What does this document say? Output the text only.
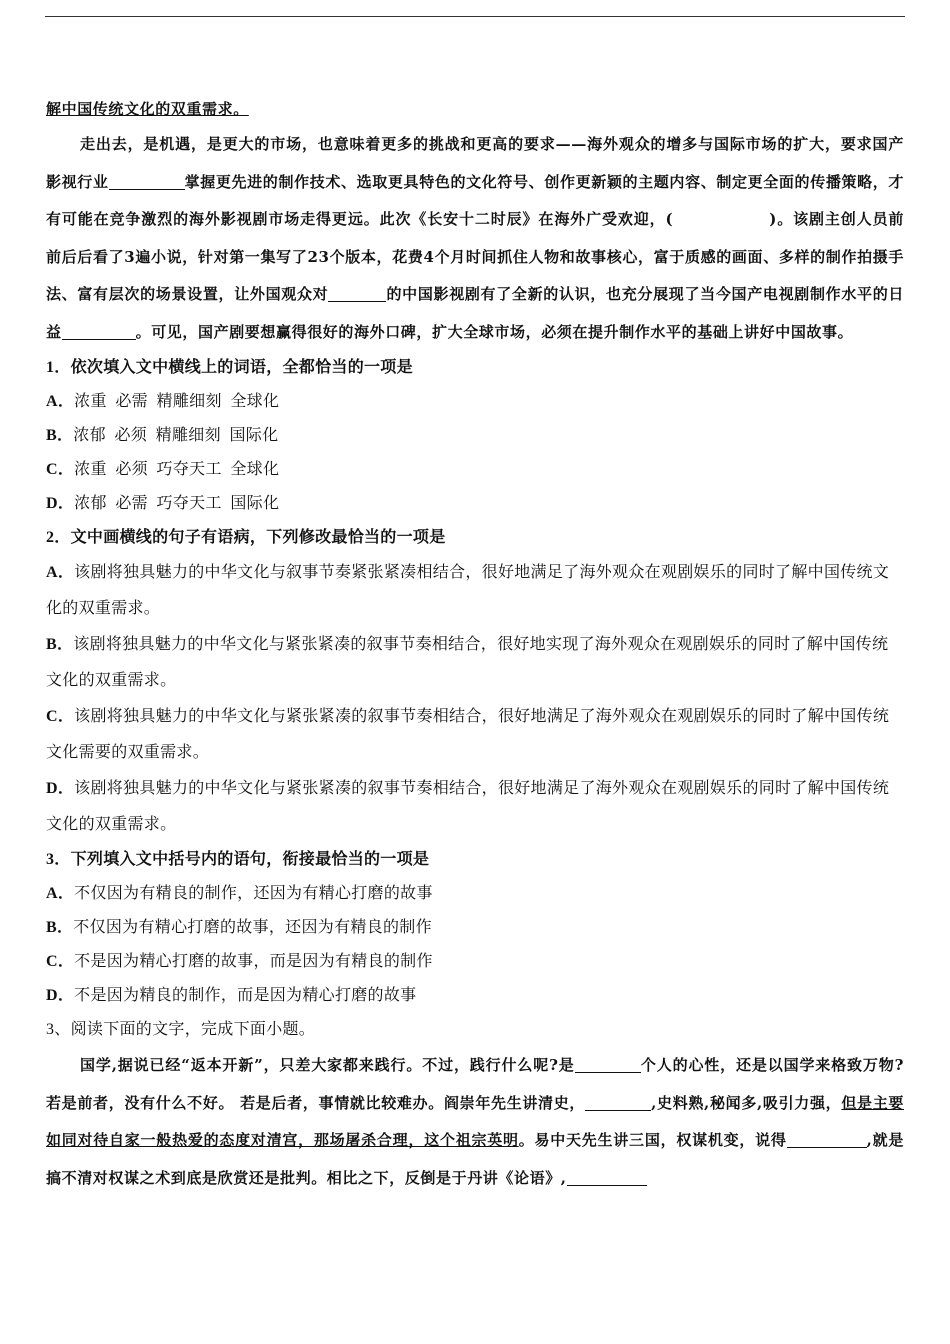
解中国传统文化的双重需求。
走出去，是机遇，是更大的市场，也意味着更多的挑战和更高的要求——海外观众的增多与国际市场的扩大，要求国产影视行业	掌握更先进的制作技术、选取更具特色的文化符号、创作更新颖的主题内容、制定更全面的传播策略，才有可能在竞争激烈的海外影视剧市场走得更远。此次《长安十二时辰》在海外广受欢迎，(	)。该剧主创人员前前后后看了3遍小说，针对第一集写了23个版本，花费4个月时间抓住人物和故事核心，富于质感的画面、多样的制作拍摄手法、富有层次的场景设置，让外国观众对	的中国影视剧有了全新的认识，也充分展现了当今国产电视剧制作水平的日益	。可见，国产剧要想赢得很好的海外口碑，扩大全球市场，必须在提升制作水平的基础上讲好中国故事。
1．依次填入文中横线上的词语，全都恰当的一项是
A．浓重  必需  精雕细刻  全球化
B．浓郁  必须  精雕细刻  国际化
C．浓重  必须  巧夺天工  全球化
D．浓郁  必需  巧夺天工  国际化
2．文中画横线的句子有语病，下列修改最恰当的一项是
A．该剧将独具魅力的中华文化与叙事节奏紧张紧凑相结合，很好地满足了海外观众在观剧娱乐的同时了解中国传统文化的双重需求。
B．该剧将独具魅力的中华文化与紧张紧凑的叙事节奏相结合，很好地实现了海外观众在观剧娱乐的同时了解中国传统文化的双重需求。
C．该剧将独具魅力的中华文化与紧张紧凑的叙事节奏相结合，很好地满足了海外观众在观剧娱乐的同时了解中国传统文化需要的双重需求。
D．该剧将独具魅力的中华文化与紧张紧凑的叙事节奏相结合，很好地满足了海外观众在观剧娱乐的同时了解中国传统文化的双重需求。
3．下列填入文中括号内的语句，衔接最恰当的一项是
A．不仅因为有精良的制作，还因为有精心打磨的故事
B．不仅因为有精心打磨的故事，还因为有精良的制作
C．不是因为精心打磨的故事，而是因为有精良的制作
D．不是因为精良的制作，而是因为精心打磨的故事
3、阅读下面的文字，完成下面小题。
国学,据说已经“返本开新”，只差大家都来践行。不过，践行什么呢?是	个人的心性，还是以国学来格致万物?若是前者，没有什么不好。 若是后者，事情就比较难办。阎崇年先生讲清史，	,史料熟,秘闻多,吸引力强，但是主要如同对待自家一般热爱的态度对清宫，那场屠杀合理，这个祖宗英明。易中天先生讲三国，权谋机变，说得	,就是搞不清对权谋之术到底是欣赏还是批判。相比之下，反倒是于丹讲《论语》,
